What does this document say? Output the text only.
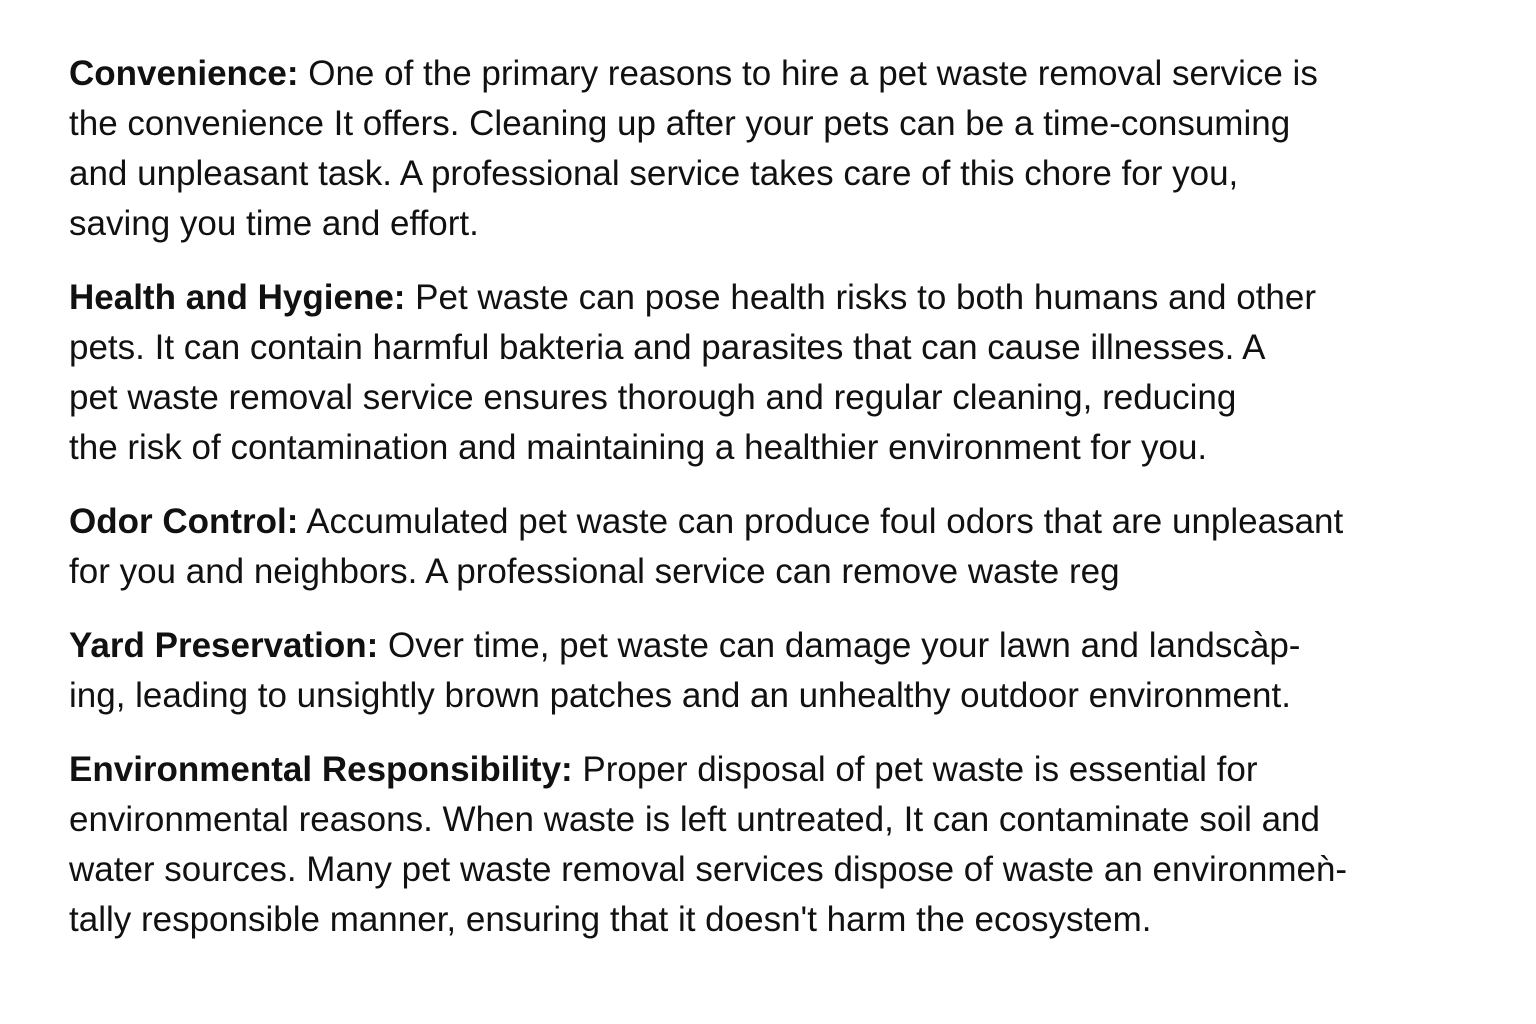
Convenience: One of the primary reasons to hire a pet waste removal service is
the convenience It offers. Cleaning up after your pets can be a time-consuming
and unpleasant task. A professional service takes care of this chore for you,
saving you time and effort.
Health and Hygiene: Pet waste can pose health risks to both humans and other
pets. It can contain harmful bakteria and parasites that can cause illnesses. A
pet waste removal service ensures thorough and regular cleaning, reducing
the risk of contamination and maintaining a healthier environment for you.
Odor Control: Accumulated pet waste can produce foul odors that are unpleasant
for you and neighbors. A professional service can remove waste reg
Yard Preservation: Over time, pet waste can damage your lawn and landscàp-
ing, leading to unsightly brown patches and an unhealthy outdoor environment.
Environmental Responsibility: Proper disposal of pet waste is essential for
environmental reasons. When waste is left untreated, It can contaminate soil and
water sources. Many pet waste removal services dispose of waste an environmeǹ-
tally responsible manner, ensuring that it doesn't harm the ecosystem.
